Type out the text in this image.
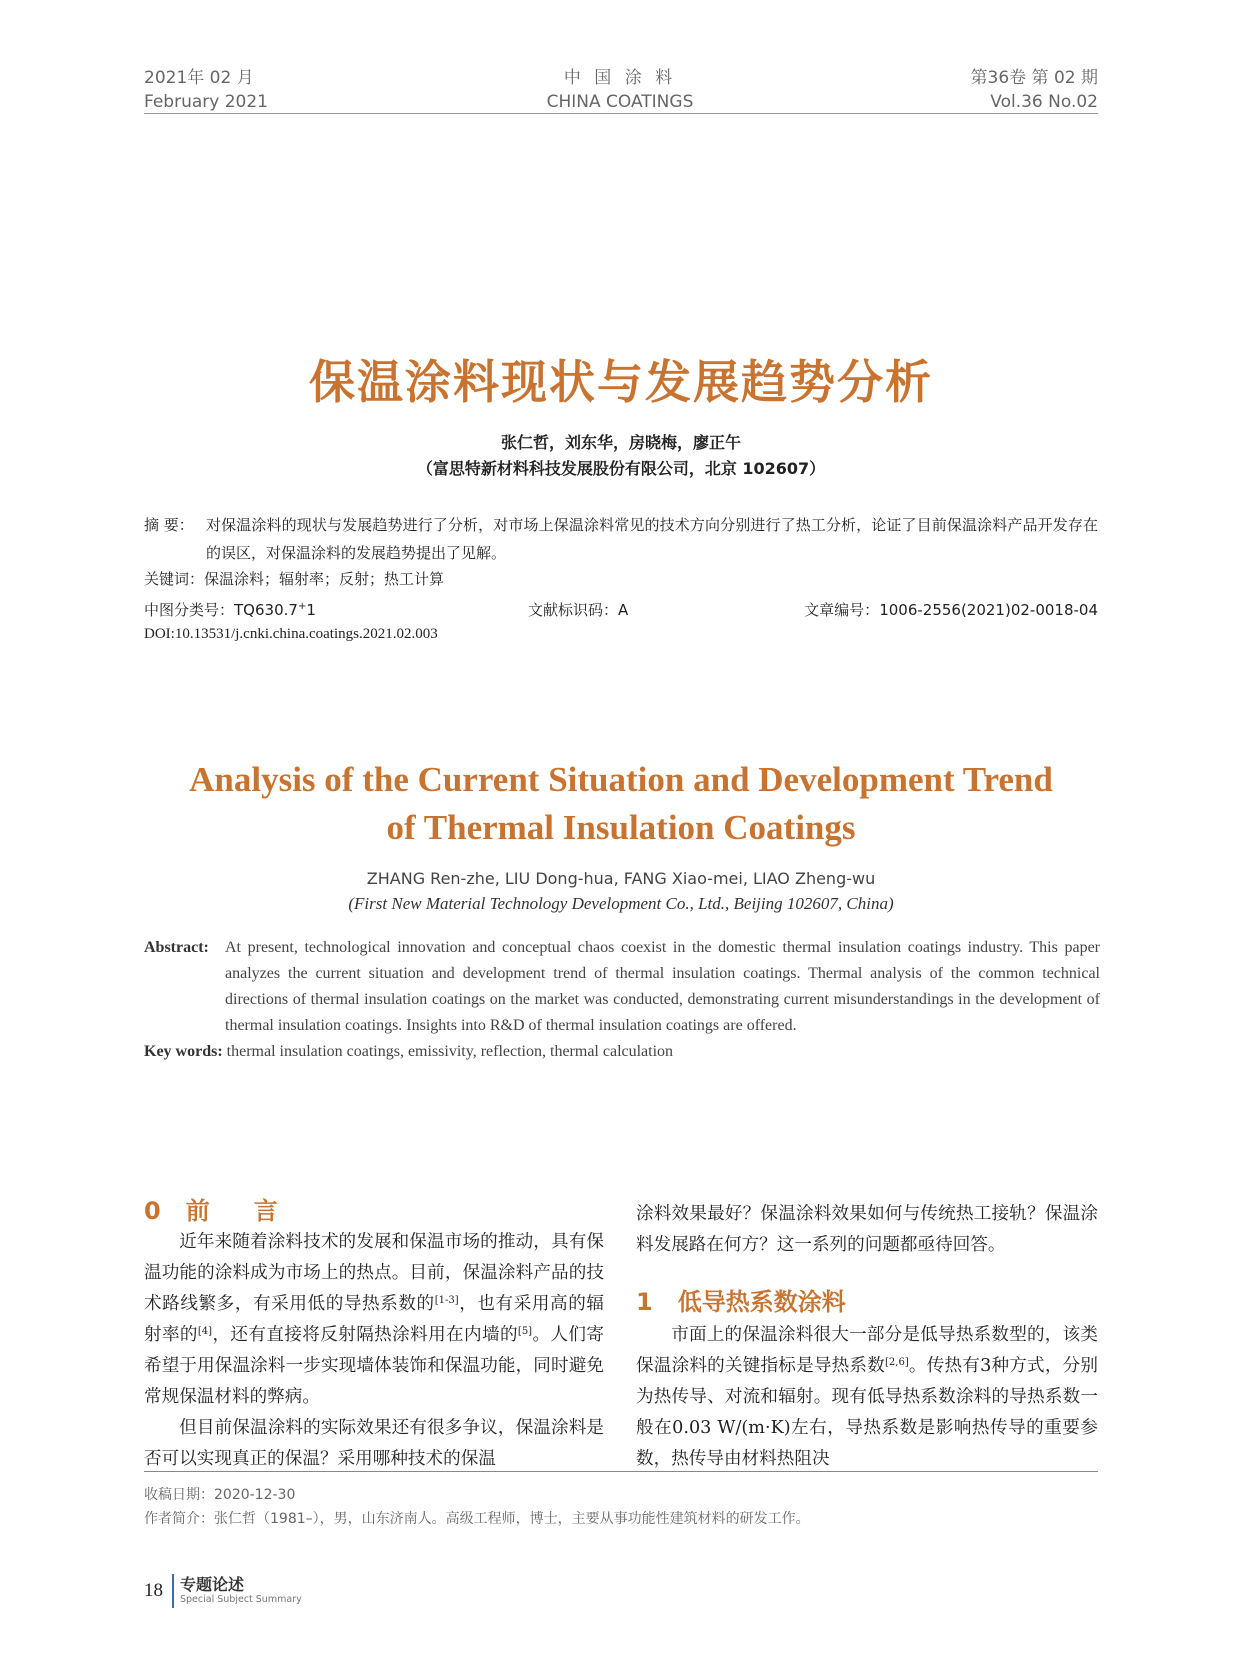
2021年 02 月
February 2021
中 国 涂 料
CHINA COATINGS
第36卷 第 02 期
Vol.36 No.02
保温涂料现状与发展趋势分析
张仁哲，刘东华，房晓梅，廖正午
（富思特新材料科技发展股份有限公司，北京 102607）
摘 要： 对保温涂料的现状与发展趋势进行了分析，对市场上保温涂料常见的技术方向分别进行了热工分析，论证了目前保温涂料产品开发存在的误区，对保温涂料的发展趋势提出了见解。
关键词：保温涂料；辐射率；反射；热工计算
中图分类号：TQ630.7+1	文献标识码：A	文章编号：1006-2556(2021)02-0018-04
DOI:10.13531/j.cnki.china.coatings.2021.02.003
Analysis of the Current Situation and Development Trend
of Thermal Insulation Coatings
ZHANG Ren-zhe, LIU Dong-hua, FANG Xiao-mei, LIAO Zheng-wu
(First New Material Technology Development Co., Ltd., Beijing 102607, China)
Abstract: At present, technological innovation and conceptual chaos coexist in the domestic thermal insulation coatings industry. This paper analyzes the current situation and development trend of thermal insulation coatings. Thermal analysis of the common technical directions of thermal insulation coatings on the market was conducted, demonstrating current misunderstandings in the development of thermal insulation coatings. Insights into R&D of thermal insulation coatings are offered.
Key words: thermal insulation coatings, emissivity, reflection, thermal calculation
0 前　言

近年来随着涂料技术的发展和保温市场的推动，具有保温功能的涂料成为市场上的热点。目前，保温涂料产品的技术路线繁多，有采用低的导热系数的[1-3]，也有采用高的辐射率的[4]，还有直接将反射隔热涂料用在内墙的[5]。人们寄希望于用保温涂料一步实现墙体装饰和保温功能，同时避免常规保温材料的弊病。

但目前保温涂料的实际效果还有很多争议，保温涂料是否可以实现真正的保温？采用哪种技术的保温

涂料效果最好？保温涂料效果如何与传统热工接轨？保温涂料发展路在何方？这一系列的问题都亟待回答。

1 低导热系数涂料

市面上的保温涂料很大一部分是低导热系数型的，该类保温涂料的关键指标是导热系数[2,6]。传热有3种方式，分别为热传导、对流和辐射。现有低导热系数涂料的导热系数一般在0.03 W/(m·K)左右，导热系数是影响热传导的重要参数，热传导由材料热阻决

收稿日期：2020-12-30
作者简介：张仁哲（1981–），男，山东济南人。高级工程师，博士，主要从事功能性建筑材料的研发工作。
18 专题论述
Special Subject Summary
